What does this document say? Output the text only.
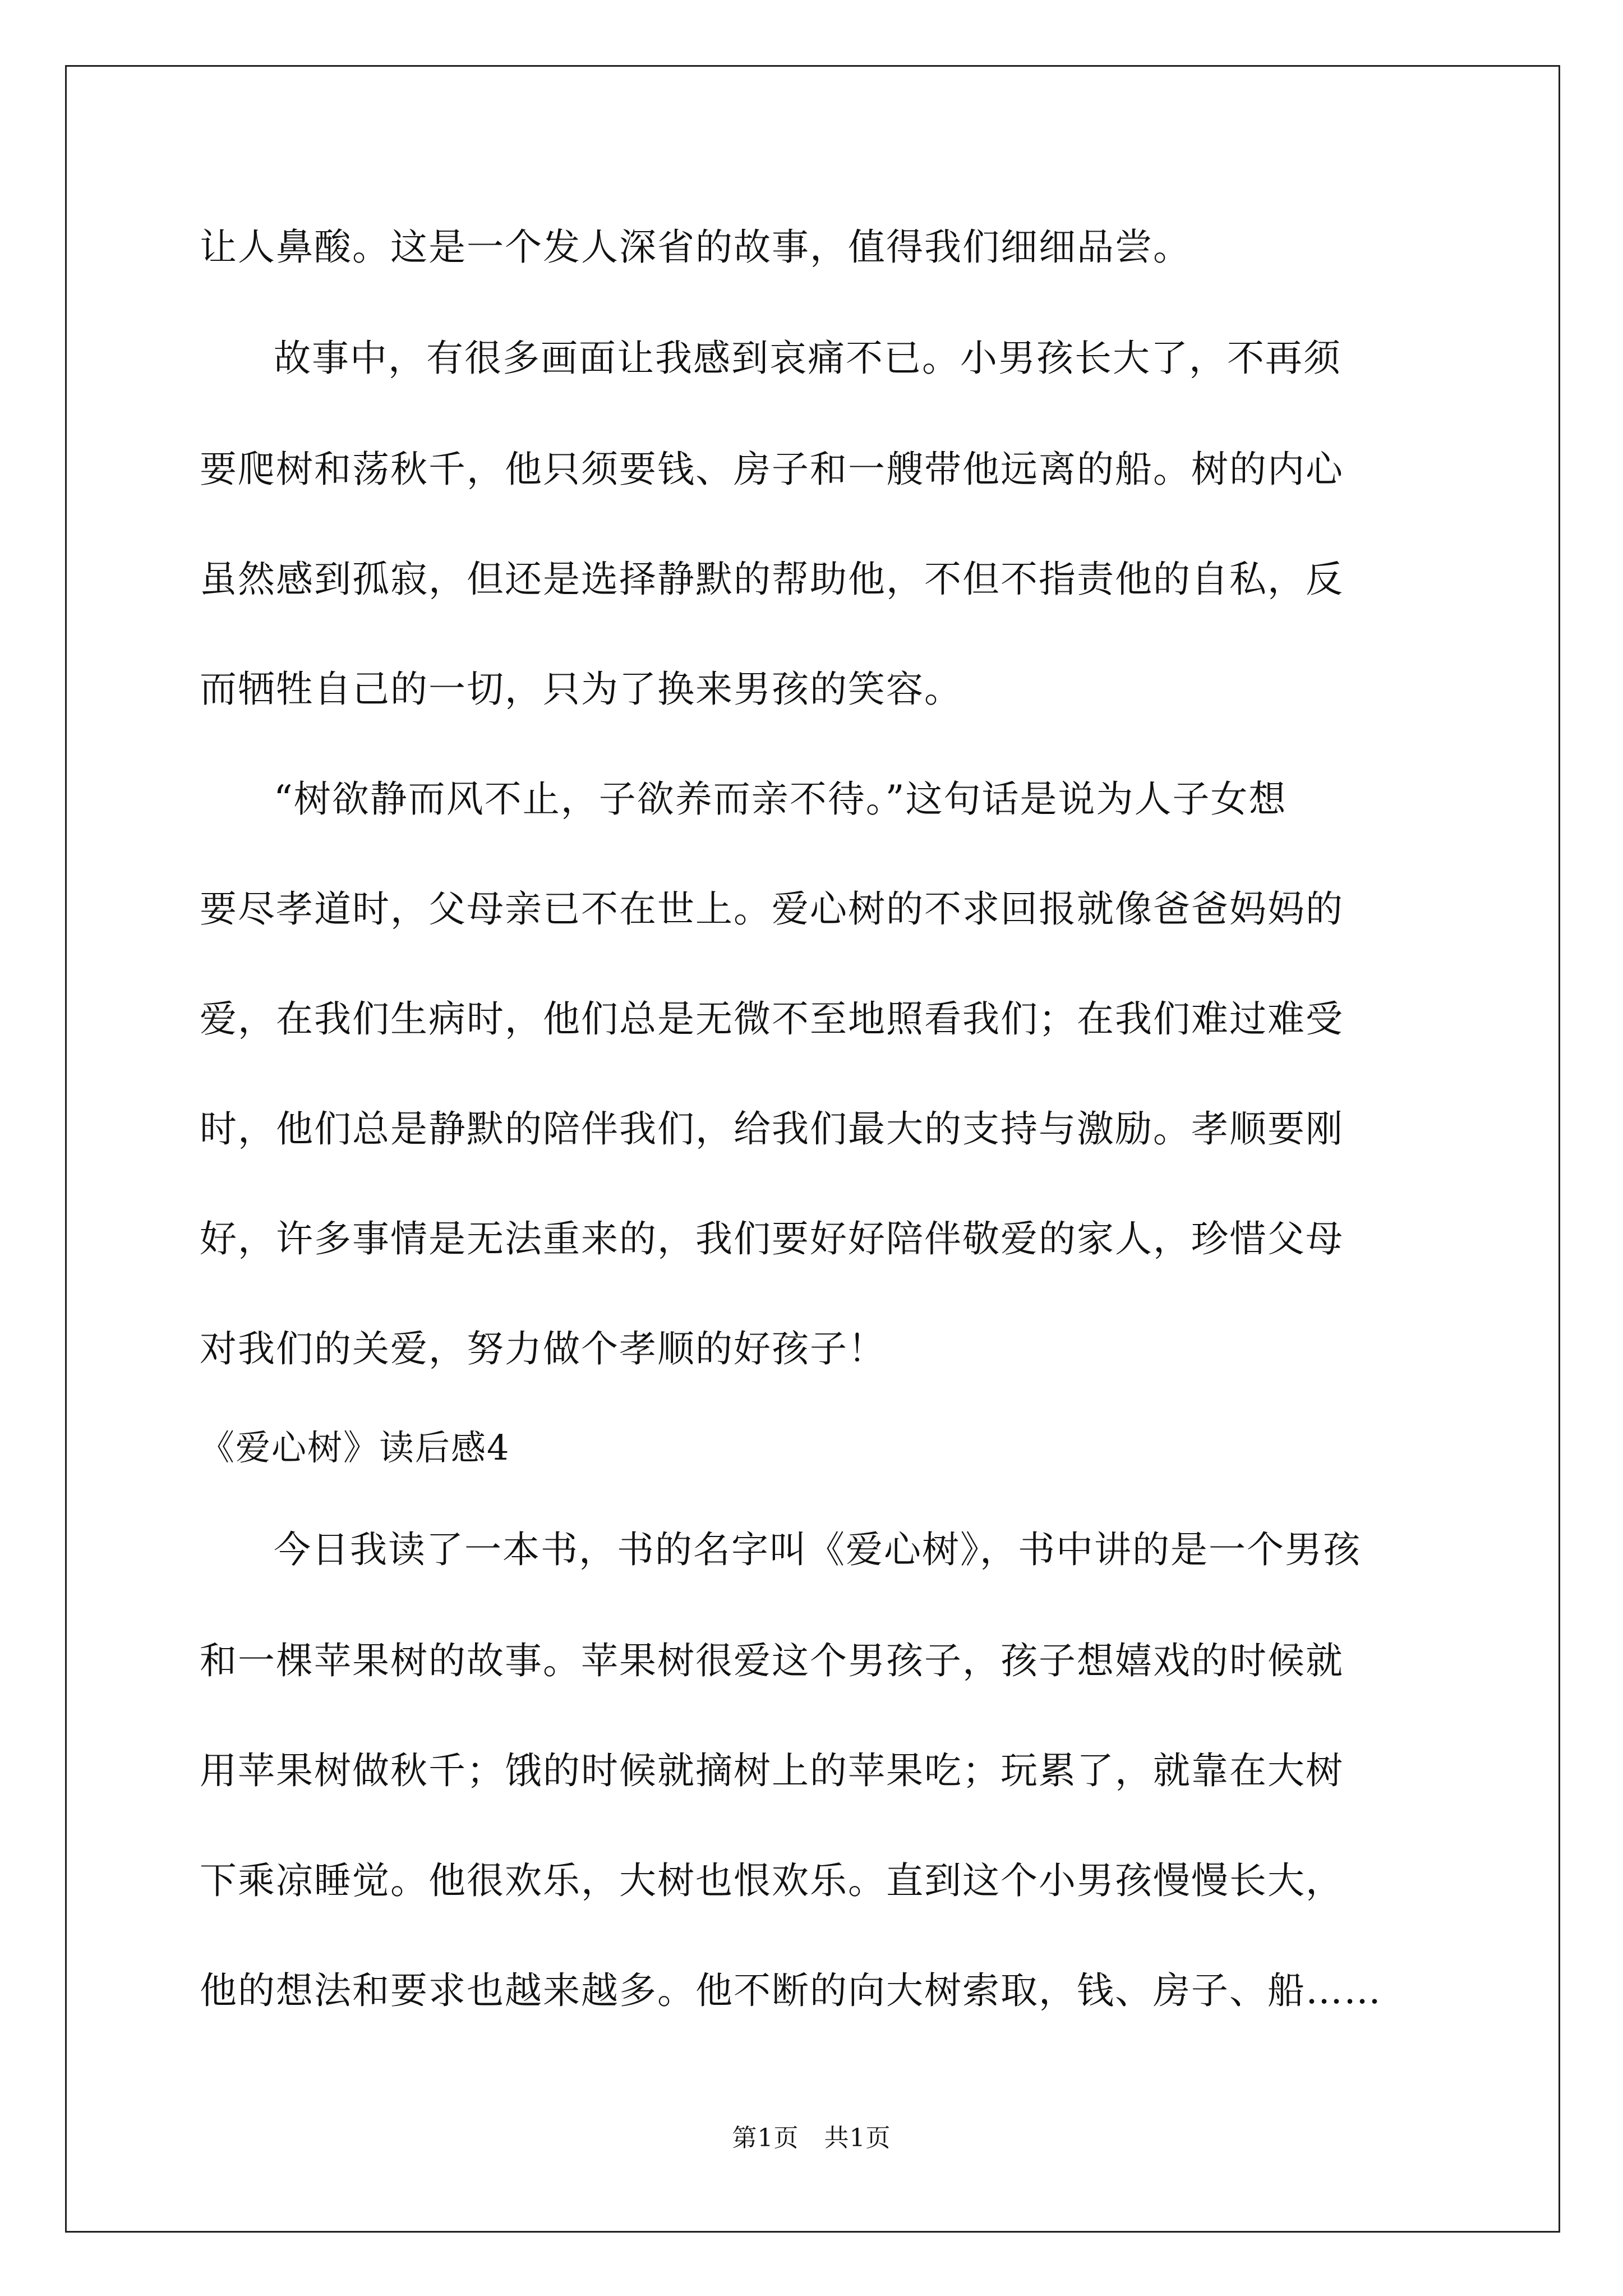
让人鼻酸。这是一个发人深省的故事，值得我们细细品尝。
故事中，有很多画面让我感到哀痛不已。小男孩长大了，不再须
要爬树和荡秋千，他只须要钱、房子和一艘带他远离的船。树的内心
虽然感到孤寂，但还是选择静默的帮助他，不但不指责他的自私，反
而牺牲自己的一切，只为了换来男孩的笑容。
“树欲静而风不止，子欲养而亲不待。”这句话是说为人子女想
要尽孝道时，父母亲已不在世上。爱心树的不求回报就像爸爸妈妈的
爱，在我们生病时，他们总是无微不至地照看我们；在我们难过难受
时，他们总是静默的陪伴我们，给我们最大的支持与激励。孝顺要刚
好，许多事情是无法重来的，我们要好好陪伴敬爱的家人，珍惜父母
对我们的关爱，努力做个孝顺的好孩子！
《爱心树》读后感4
今日我读了一本书，书的名字叫《爱心树》，书中讲的是一个男孩
和一棵苹果树的故事。苹果树很爱这个男孩子，孩子想嬉戏的时候就
用苹果树做秋千；饿的时候就摘树上的苹果吃；玩累了，就靠在大树
下乘凉睡觉。他很欢乐，大树也恨欢乐。直到这个小男孩慢慢长大，
他的想法和要求也越来越多。他不断的向大树索取，钱、房子、船……
第1页　共1页
